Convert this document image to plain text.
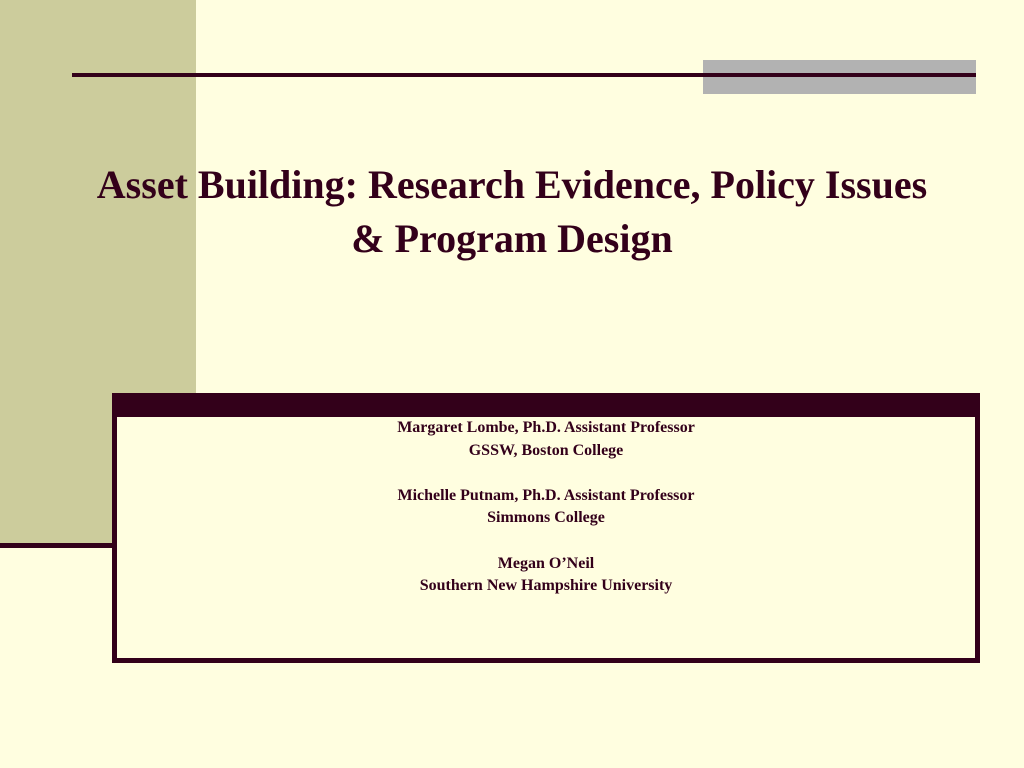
Asset Building: Research Evidence, Policy Issues
& Program Design
Margaret Lombe, Ph.D. Assistant Professor
GSSW, Boston College
Michelle Putnam, Ph.D. Assistant Professor
Simmons College
Megan O’Neil
Southern New Hampshire University
